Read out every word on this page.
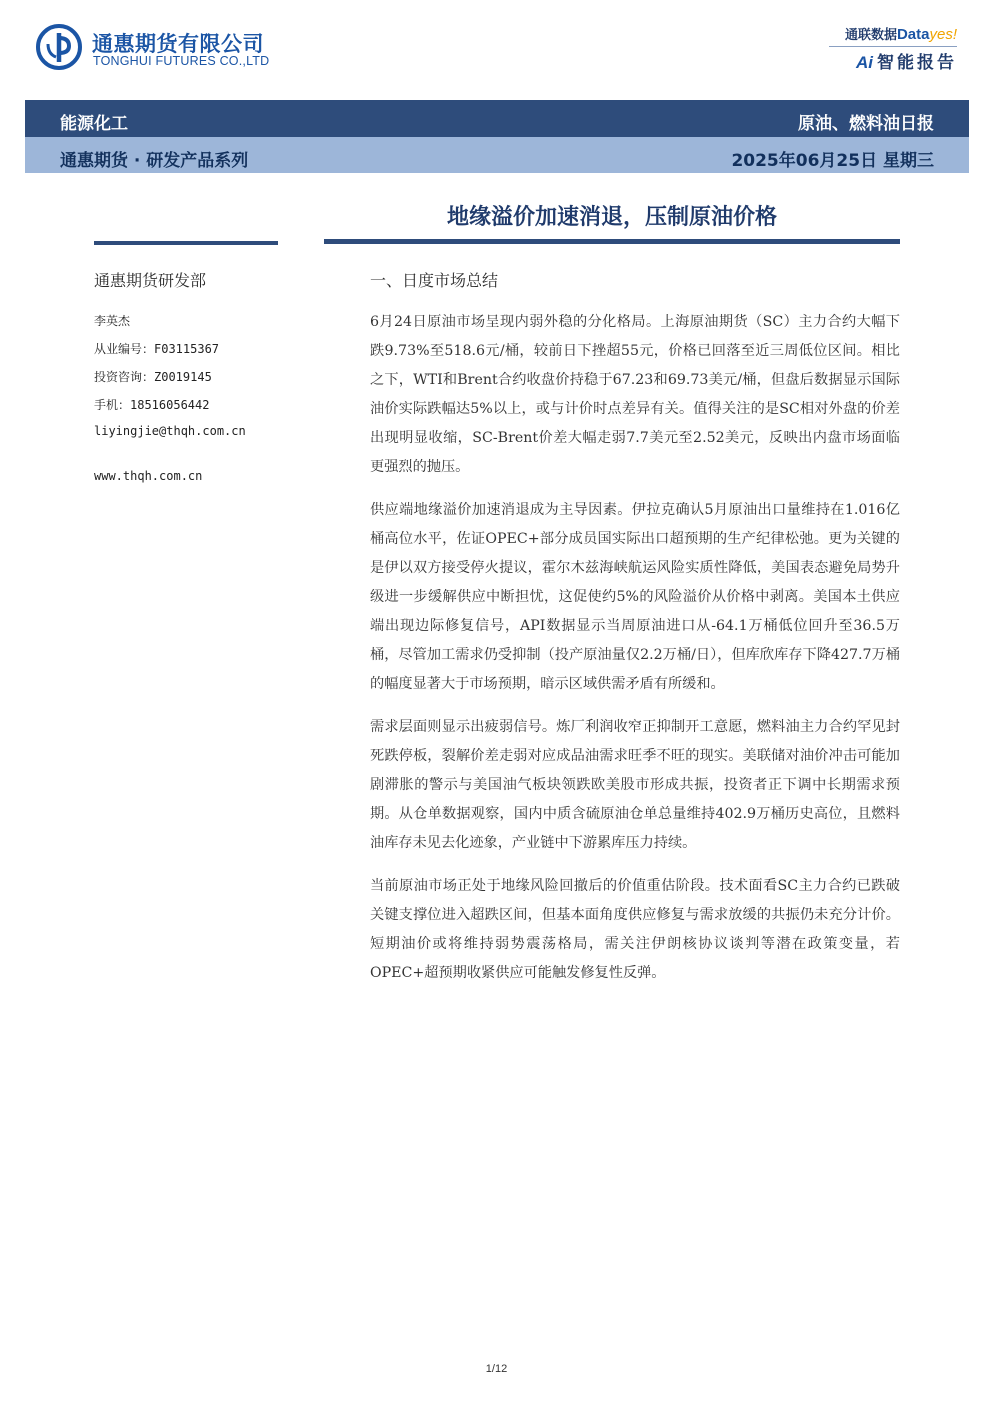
通惠期货有限公司
TONGHUI FUTURES CO.,LTD
通联数据Datayes!
Ai 智能报告
能源化工	原油、燃料油日报
通惠期货 · 研发产品系列	2025年06月25日 星期三
地缘溢价加速消退，压制原油价格
通惠期货研发部
李英杰
从业编号：F03115367
投资咨询：Z0019145
手机：18516056442
liyingjie@thqh.com.cn
www.thqh.com.cn
一、日度市场总结

6月24日原油市场呈现内弱外稳的分化格局。上海原油期货（SC）主力合约大幅下跌9.73%至518.6元/桶，较前日下挫超55元，价格已回落至近三周低位区间。相比之下，WTI和Brent合约收盘价持稳于67.23和69.73美元/桶，但盘后数据显示国际油价实际跌幅达5%以上，或与计价时点差异有关。值得关注的是SC相对外盘的价差出现明显收缩，SC-Brent价差大幅走弱7.7美元至2.52美元，反映出内盘市场面临更强烈的抛压。

供应端地缘溢价加速消退成为主导因素。伊拉克确认5月原油出口量维持在1.016亿桶高位水平，佐证OPEC+部分成员国实际出口超预期的生产纪律松弛。更为关键的是伊以双方接受停火提议，霍尔木兹海峡航运风险实质性降低，美国表态避免局势升级进一步缓解供应中断担忧，这促使约5%的风险溢价从价格中剥离。美国本土供应端出现边际修复信号，API数据显示当周原油进口从-64.1万桶低位回升至36.5万桶，尽管加工需求仍受抑制（投产原油量仅2.2万桶/日），但库欣库存下降427.7万桶的幅度显著大于市场预期，暗示区域供需矛盾有所缓和。

需求层面则显示出疲弱信号。炼厂利润收窄正抑制开工意愿，燃料油主力合约罕见封死跌停板，裂解价差走弱对应成品油需求旺季不旺的现实。美联储对油价冲击可能加剧滞胀的警示与美国油气板块领跌欧美股市形成共振，投资者正下调中长期需求预期。从仓单数据观察，国内中质含硫原油仓单总量维持402.9万桶历史高位，且燃料油库存未见去化迹象，产业链中下游累库压力持续。

当前原油市场正处于地缘风险回撤后的价值重估阶段。技术面看SC主力合约已跌破关键支撑位进入超跌区间，但基本面角度供应修复与需求放缓的共振仍未充分计价。短期油价或将维持弱势震荡格局，需关注伊朗核协议谈判等潜在政策变量，若OPEC+超预期收紧供应可能触发修复性反弹。

1/12
